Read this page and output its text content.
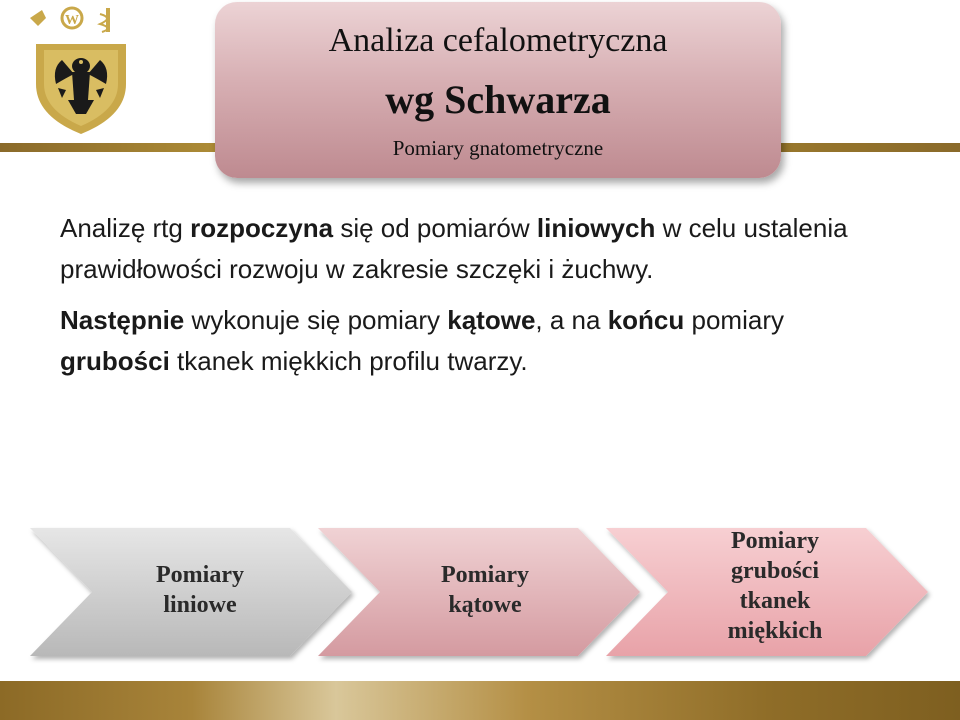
W
Analiza cefalometryczna
wg Schwarza
Pomiary gnatometryczne

Analizę rtg rozpoczyna się od pomiarów liniowych w celu ustalenia prawidłowości rozwoju w zakresie szczęki i żuchwy.

Następnie wykonuje się pomiary kątowe, a na końcu pomiary grubości tkanek miękkich profilu twarzy.

Pomiary
liniowe
Pomiary
kątowe
Pomiary
grubości
tkanek
miękkich
